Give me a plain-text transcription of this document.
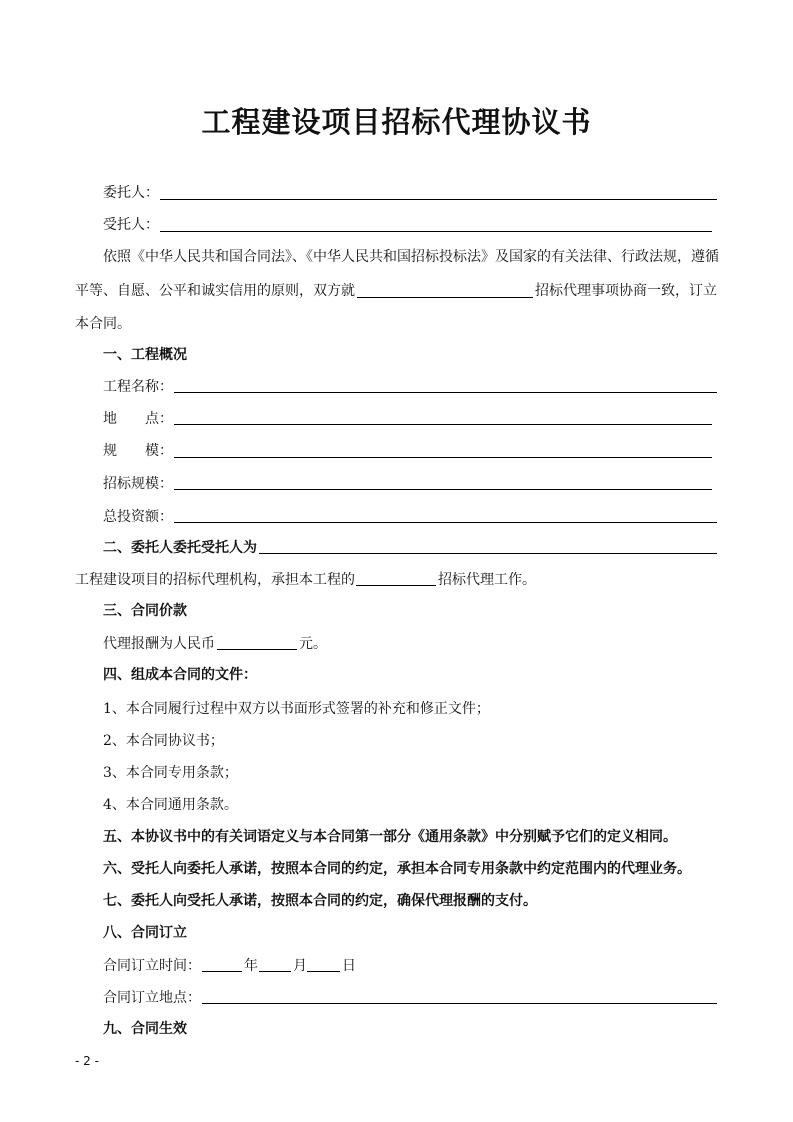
工程建设项目招标代理协议书
委托人：
受托人：
依照《中华人民共和国合同法》、《中华人民共和国招标投标法》及国家的有关法律、行政法规，遵循
平等、自愿、公平和诚实信用的原则，双方就	招标代理事项协商一致，订立
本合同。
一、工程概况
工程名称：
地　　点：
规　　模：
招标规模：
总投资额：
二、委托人委托受托人为
工程建设项目的招标代理机构，承担本工程的	招标代理工作。
三、合同价款
代理报酬为人民币	元。
四、组成本合同的文件：
1、本合同履行过程中双方以书面形式签署的补充和修正文件；
2、本合同协议书；
3、本合同专用条款；
4、本合同通用条款。
五、本协议书中的有关词语定义与本合同第一部分《通用条款》中分别赋予它们的定义相同。
六、受托人向委托人承诺，按照本合同的约定，承担本合同专用条款中约定范围内的代理业务。
七、委托人向受托人承诺，按照本合同的约定，确保代理报酬的支付。
八、合同订立
合同订立时间：	年	月	日
合同订立地点：
九、合同生效
- 2 -
